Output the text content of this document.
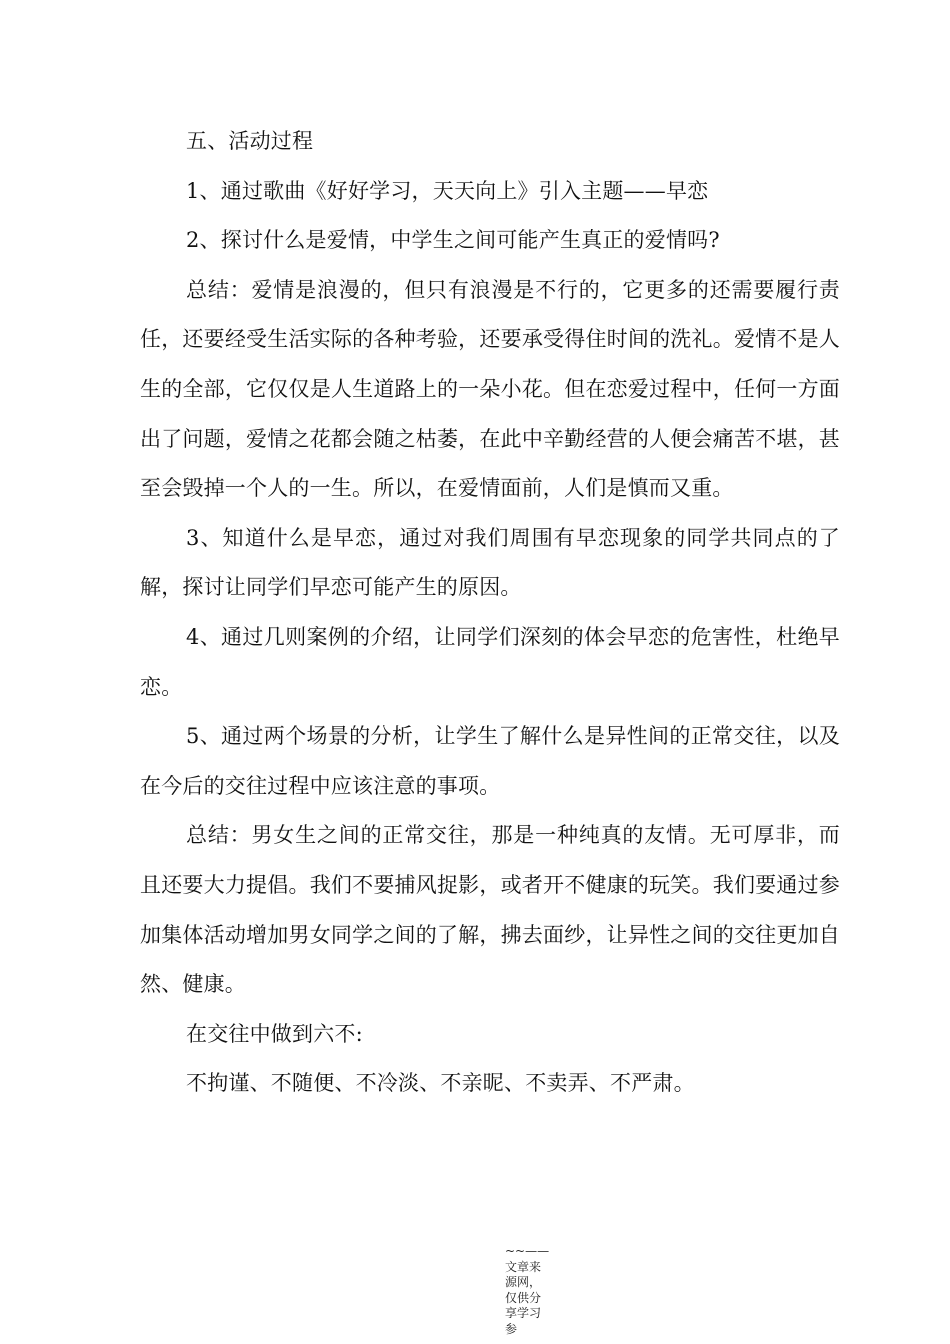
五、活动过程

1、通过歌曲《好好学习，天天向上》引入主题——早恋

2、探讨什么是爱情，中学生之间可能产生真正的爱情吗?

总结：爱情是浪漫的，但只有浪漫是不行的，它更多的还需要履行责任，还要经受生活实际的各种考验，还要承受得住时间的洗礼。爱情不是人生的全部，它仅仅是人生道路上的一朵小花。但在恋爱过程中，任何一方面出了问题，爱情之花都会随之枯萎，在此中辛勤经营的人便会痛苦不堪，甚至会毁掉一个人的一生。所以，在爱情面前，人们是慎而又重。

3、知道什么是早恋，通过对我们周围有早恋现象的同学共同点的了解，探讨让同学们早恋可能产生的原因。

4、通过几则案例的介绍，让同学们深刻的体会早恋的危害性，杜绝早恋。

5、通过两个场景的分析，让学生了解什么是异性间的正常交往，以及在今后的交往过程中应该注意的事项。

总结：男女生之间的正常交往，那是一种纯真的友情。无可厚非，而且还要大力提倡。我们不要捕风捉影，或者开不健康的玩笑。我们要通过参加集体活动增加男女同学之间的了解，拂去面纱，让异性之间的交往更加自然、健康。

在交往中做到六不:

不拘谨、不随便、不冷淡、不亲昵、不卖弄、不严肃。

~~——文章来源网，仅供分享学习参
